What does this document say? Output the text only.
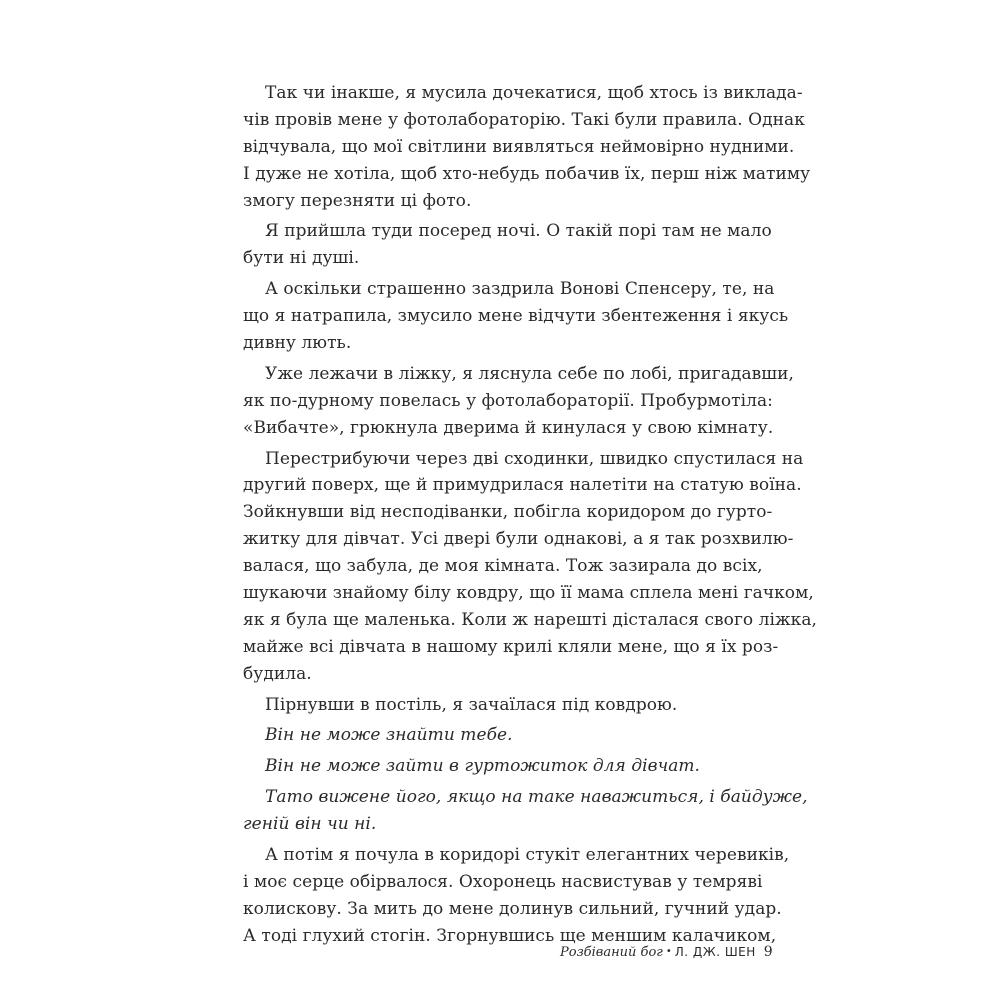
Так чи інакше, я мусила дочекатися, щоб хтось із виклада-
чів провів мене у фотолабораторію. Такі були правила. Однак
відчувала, що мої світлини виявляться неймовірно нудними.
І дуже не хотіла, щоб хто-небудь побачив їх, перш ніж матиму
змогу перезняти ці фото.
Я прийшла туди посеред ночі. О такій порі там не мало
бути ні душі.
А оскільки страшенно заздрила Вонові Спенсеру, те, на
що я натрапила, змусило мене відчути збентеження і якусь
дивну лють.
Уже лежачи в ліжку, я ляснула себе по лобі, пригадавши,
як по-дурному повелась у фотолабораторії. Пробурмотіла:
«Вибачте», грюкнула дверима й кинулася у свою кімнату.
Перестрибуючи через дві сходинки, швидко спустилася на
другий поверх, ще й примудрилася налетіти на статую воїна.
Зойкнувши від несподіванки, побігла коридором до гурто-
житку для дівчат. Усі двері були однакові, а я так розхвилю-
валася, що забула, де моя кімната. Тож зазирала до всіх,
шукаючи знайому білу ковдру, що її мама сплела мені гачком,
як я була ще маленька. Коли ж нарешті дісталася свого ліжка,
майже всі дівчата в нашому крилі кляли мене, що я їх роз-
будила.
Пірнувши в постіль, я зачаїлася під ковдрою.
Він не може знайти тебе.
Він не може зайти в гуртожиток для дівчат.
Тато вижене його, якщо на таке наважиться, і байдуже,
геній він чи ні.
А потім я почула в коридорі стукіт елегантних черевиків,
і моє серце обірвалося. Охоронець насвистував у темряві
колискову. За мить до мене долинув сильний, гучний удар.
А тоді глухий стогін. Згорнувшись ще меншим калачиком,
Розбіваний бог • Л. ДЖ. ШЕН 9
